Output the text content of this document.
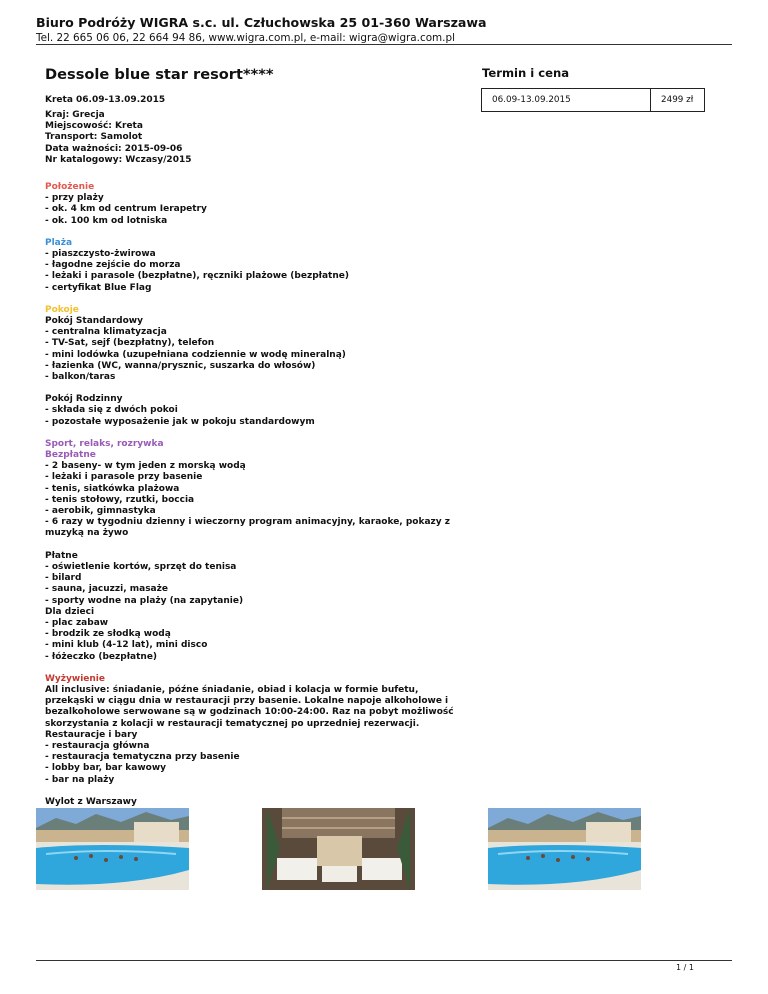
Biuro Podróży WIGRA s.c. ul. Człuchowska 25 01-360 Warszawa
Tel. 22 665 06 06, 22 664 94 86, www.wigra.com.pl, e-mail: wigra@wigra.com.pl
Dessole blue star resort****
Kreta 06.09-13.09.2015
Kraj: Grecja
Miejscowość: Kreta
Transport: Samolot
Data ważności: 2015-09-06
Nr katalogowy: Wczasy/2015
Położenie
- przy plaży
- ok. 4 km od centrum Ierapetry
- ok. 100 km od lotniska
Plaża
- piaszczysto-żwirowa
- łagodne zejście do morza
- leżaki i parasole (bezpłatne), ręczniki plażowe (bezpłatne)
- certyfikat Blue Flag
Pokoje
Pokój Standardowy
- centralna klimatyzacja
- TV-Sat, sejf (bezpłatny), telefon
- mini lodówka (uzupełniana codziennie w wodę mineralną)
- łazienka (WC, wanna/prysznic, suszarka do włosów)
- balkon/taras
Pokój Rodzinny
- składa się z dwóch pokoi
- pozostałe wyposażenie jak w pokoju standardowym
Sport, relaks, rozrywka
Bezpłatne
- 2 baseny- w tym jeden z morską wodą
- leżaki i parasole przy basenie
- tenis, siatkówka plażowa
- tenis stołowy, rzutki, boccia
- aerobik, gimnastyka
- 6 razy w tygodniu dzienny i wieczorny program animacyjny, karaoke, pokazy z muzyką na żywo
Płatne
- oświetlenie kortów, sprzęt do tenisa
- bilard
- sauna, jacuzzi, masaże
- sporty wodne na plaży (na zapytanie)
Dla dzieci
- plac zabaw
- brodzik ze słodką wodą
- mini klub (4-12 lat), mini disco
- łóżeczko (bezpłatne)
Wyżywienie
All inclusive: śniadanie, późne śniadanie, obiad i kolacja w formie bufetu, przekąski w ciągu dnia w restauracji przy basenie. Lokalne napoje alkoholowe i bezalkoholowe serwowane są w godzinach 10:00-24:00. Raz na pobyt możliwość skorzystania z kolacji w restauracji tematycznej po uprzedniej rezerwacji.
Restauracje i bary
- restauracja główna
- restauracja tematyczna przy basenie
- lobby bar, bar kawowy
- bar na plaży
Wylot z Warszawy
Termin i cena
06.09-13.09.2015	2499 zł
1 / 1
